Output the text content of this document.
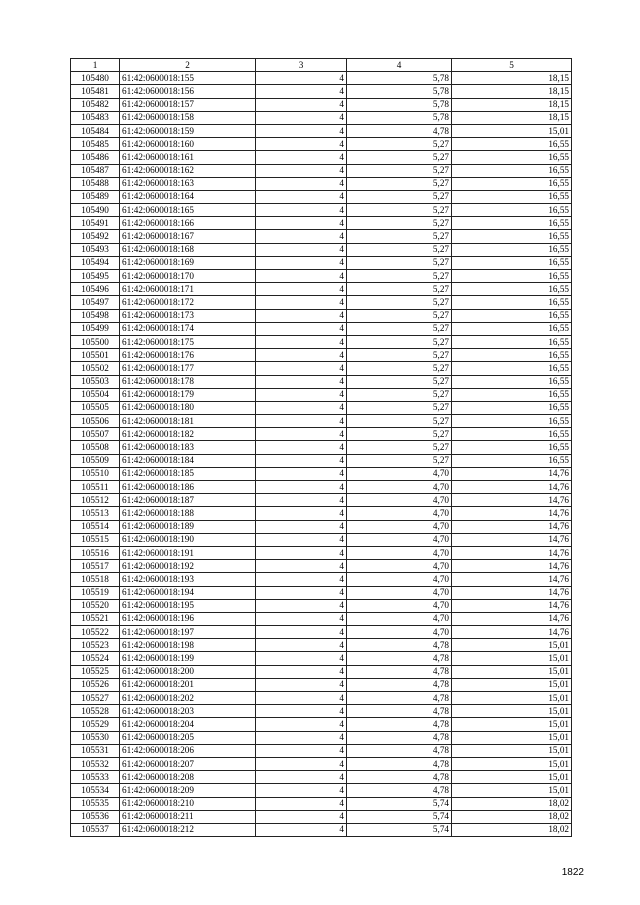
1	2	3	4	5
105480	61:42:0600018:155	4	5,78	18,15
105481	61:42:0600018:156	4	5,78	18,15
105482	61:42:0600018:157	4	5,78	18,15
105483	61:42:0600018:158	4	5,78	18,15
105484	61:42:0600018:159	4	4,78	15,01
105485	61:42:0600018:160	4	5,27	16,55
105486	61:42:0600018:161	4	5,27	16,55
105487	61:42:0600018:162	4	5,27	16,55
105488	61:42:0600018:163	4	5,27	16,55
105489	61:42:0600018:164	4	5,27	16,55
105490	61:42:0600018:165	4	5,27	16,55
105491	61:42:0600018:166	4	5,27	16,55
105492	61:42:0600018:167	4	5,27	16,55
105493	61:42:0600018:168	4	5,27	16,55
105494	61:42:0600018:169	4	5,27	16,55
105495	61:42:0600018:170	4	5,27	16,55
105496	61:42:0600018:171	4	5,27	16,55
105497	61:42:0600018:172	4	5,27	16,55
105498	61:42:0600018:173	4	5,27	16,55
105499	61:42:0600018:174	4	5,27	16,55
105500	61:42:0600018:175	4	5,27	16,55
105501	61:42:0600018:176	4	5,27	16,55
105502	61:42:0600018:177	4	5,27	16,55
105503	61:42:0600018:178	4	5,27	16,55
105504	61:42:0600018:179	4	5,27	16,55
105505	61:42:0600018:180	4	5,27	16,55
105506	61:42:0600018:181	4	5,27	16,55
105507	61:42:0600018:182	4	5,27	16,55
105508	61:42:0600018:183	4	5,27	16,55
105509	61:42:0600018:184	4	5,27	16,55
105510	61:42:0600018:185	4	4,70	14,76
105511	61:42:0600018:186	4	4,70	14,76
105512	61:42:0600018:187	4	4,70	14,76
105513	61:42:0600018:188	4	4,70	14,76
105514	61:42:0600018:189	4	4,70	14,76
105515	61:42:0600018:190	4	4,70	14,76
105516	61:42:0600018:191	4	4,70	14,76
105517	61:42:0600018:192	4	4,70	14,76
105518	61:42:0600018:193	4	4,70	14,76
105519	61:42:0600018:194	4	4,70	14,76
105520	61:42:0600018:195	4	4,70	14,76
105521	61:42:0600018:196	4	4,70	14,76
105522	61:42:0600018:197	4	4,70	14,76
105523	61:42:0600018:198	4	4,78	15,01
105524	61:42:0600018:199	4	4,78	15,01
105525	61:42:0600018:200	4	4,78	15,01
105526	61:42:0600018:201	4	4,78	15,01
105527	61:42:0600018:202	4	4,78	15,01
105528	61:42:0600018:203	4	4,78	15,01
105529	61:42:0600018:204	4	4,78	15,01
105530	61:42:0600018:205	4	4,78	15,01
105531	61:42:0600018:206	4	4,78	15,01
105532	61:42:0600018:207	4	4,78	15,01
105533	61:42:0600018:208	4	4,78	15,01
105534	61:42:0600018:209	4	4,78	15,01
105535	61:42:0600018:210	4	5,74	18,02
105536	61:42:0600018:211	4	5,74	18,02
105537	61:42:0600018:212	4	5,74	18,02
1822
